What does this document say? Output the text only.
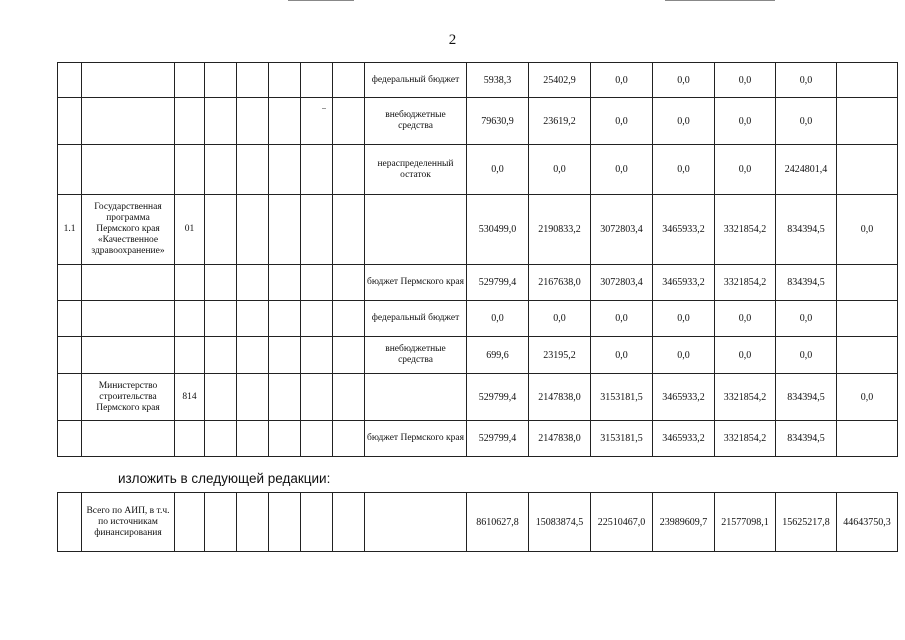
2
								федеральный бюджет	5938,3	25402,9	0,0	0,0	0,0	0,0	
								внебюджетные средства	79630,9	23619,2	0,0	0,0	0,0	0,0	
								нераспределенный остаток	0,0	0,0	0,0	0,0	0,0	2424801,4	
1.1	Государственная программа Пермского края «Качественное здравоохранение»	01							530499,0	2190833,2	3072803,4	3465933,2	3321854,2	834394,5	0,0
								бюджет Пермского края	529799,4	2167638,0	3072803,4	3465933,2	3321854,2	834394,5	
								федеральный бюджет	0,0	0,0	0,0	0,0	0,0	0,0	
								внебюджетные средства	699,6	23195,2	0,0	0,0	0,0	0,0	
	Министерство строительства Пермского края	814							529799,4	2147838,0	3153181,5	3465933,2	3321854,2	834394,5	0,0
								бюджет Пермского края	529799,4	2147838,0	3153181,5	3465933,2	3321854,2	834394,5	
изложить в следующей редакции:
	Всего по АИП, в т.ч. по источникам финансирования								8610627,8	15083874,5	22510467,0	23989609,7	21577098,1	15625217,8	44643750,3
